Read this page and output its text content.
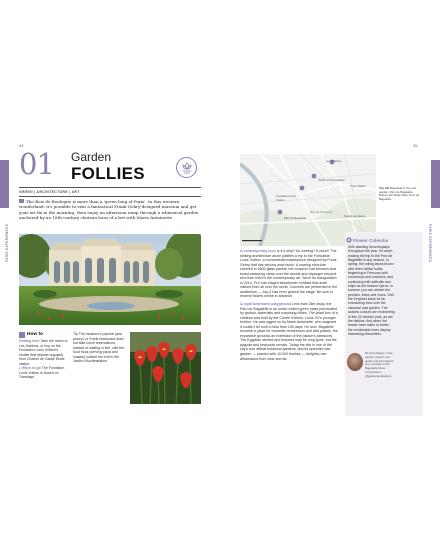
44	45
PARIS EXPERIENCES	PARIS EXPERIENCES
01 Garden
FOLLIES
GREEN | ARCHITECTURE | ART
The Bois de Boulogne is more than a 'green lung of Paris'. In this western wonderland, it's possible to visit a fantastical Frank Gehry-designed museum and get your art fix in the morning, then enjoy an afternoon romp through a whimsical garden anchored by an 18th-century chateau born of a bet with Marie Antoinette.
How to
Getting here Take the metro to Les Sablons, or hop on the Fondation Louis Vuitton's shuttle that departs regularly from Charles de Gaulle Étoile station.
▸ When to go The Fondation Louis Vuitton is closed on Tuesdays.
Tip The museum's popular (and pricey) Le Frank restaurant does not take lunch reservations; instead of waiting in line, visit the food truck (serving pizza and snacks) outside the exit in the Jardin d'Acclimatation.
Les Sablons
Fondation Louis Vuitton
Jardin d'Acclimatation
Bois de Boulogne
Parc de Bagatelle	Neuilly-sur-Seine
Porte Maillot	Top left Bagatelle in the rose garden; Parc de Bagatelle. Bottom left Water lilies, Parc de Bagatelle

A contemporary icon Is it a ship? An iceberg? A cloud? The striking architecture alone justifies a trip to the Fondation Louis Vuitton, a monumental masterpiece designed by Frank Gehry that has serious wow factor. A soaring structure covered in 3600 glass panels, the museum has terraces that boast sweeping views over the woods and cityscape beyond. And then there's the contemporary art. Since its inauguration in 2014, FLV has staged blockbuster exhibits that draw visitors from all over the world. Concerts are performed in the auditorium — Jay-Z has even graced the stage. Be sure to reserve tickets online in advance.

A royal bedrooms playground Less than 2km away, the Parc de Bagatelle is an under-visited green oasis punctuated by grottos, waterfalls and surprising follies. The jewel box of a chateau was built by the Comte d'Artois, Louis XV's younger brother. He was egged on by Marie Antoinette, who wagered it couldn't be built in less than 100 days. He won. Bagatelle became a place for romantic rendezvous and wild parties, the expansive grounds an extension of the palace's pleasures. The Egyptian obelisk and teepees may be long gone, but the pagoda and peacocks remain. Today the site is one of the city's four official botanical gardens, and its splendid rose garden — planted with 10,000 bushes — delights rose aficionados from near and far.

Flower Calendar
With dazzling floral displays throughout the year, it's worth making the trip to the Parc de Bagatelle in any season. In spring, the rolling lawns bloom with three million bulbs, beginning in February with snowdrops and crocuses, and continuing with daffodils and tulips as the season ripens. In summer you can admire the peonies, irises and roses. Visit the Empress kiosk for an enchanting view over the classical rose garden. The autumn colours are enchanting in this 24-hectare park, as are the dahlias. And when the leaves have fallen in winter, the remarkable trees display interesting silhouettes.
By Amy Hayes Lowe, garden expert, tour guide and permanent jury member of the Bagatelle Rose Commission. @gardenguideparis
